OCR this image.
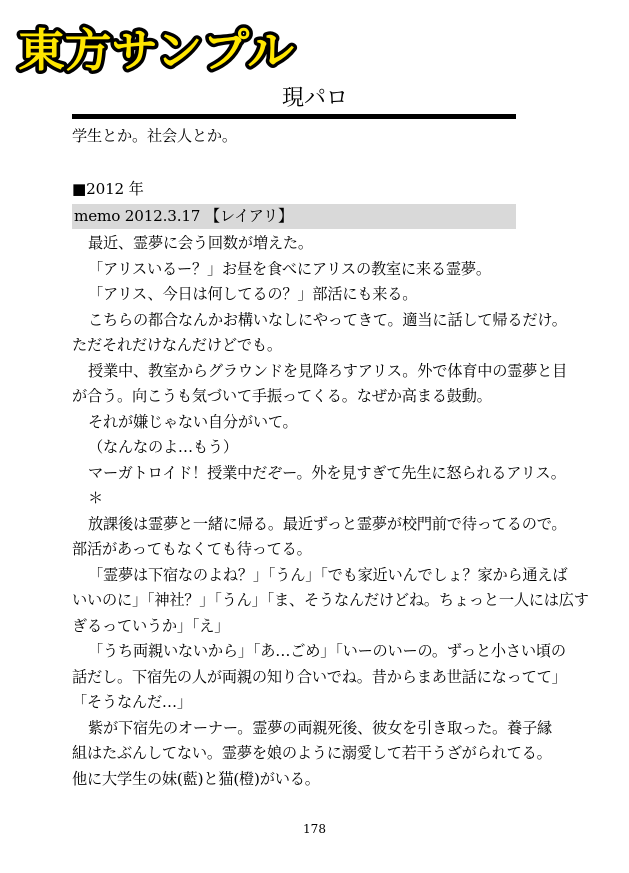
東方サンプル
現パロ
学生とか。社会人とか。
■2012 年
memo 2012.3.17 【レイアリ】
最近、霊夢に会う回数が増えた。
「アリスいるー？」お昼を食べにアリスの教室に来る霊夢。
「アリス、今日は何してるの？」部活にも来る。
こちらの都合なんかお構いなしにやってきて。適当に話して帰るだけ。
ただそれだけなんだけどでも。
授業中、教室からグラウンドを見降ろすアリス。外で体育中の霊夢と目
が合う。向こうも気づいて手振ってくる。なぜか高まる鼓動。
それが嫌じゃない自分がいて。
（なんなのよ…もう）
マーガトロイド！授業中だぞー。外を見すぎて先生に怒られるアリス。
＊
放課後は霊夢と一緒に帰る。最近ずっと霊夢が校門前で待ってるので。
部活があってもなくても待ってる。
「霊夢は下宿なのよね？」「うん」「でも家近いんでしょ？家から通えば
いいのに」「神社？」「うん」「ま、そうなんだけどね。ちょっと一人には広す
ぎるっていうか」「え」
「うち両親いないから」「あ…ごめ」「いーのいーの。ずっと小さい頃の
話だし。下宿先の人が両親の知り合いでね。昔からまあ世話になってて」
「そうなんだ…」
紫が下宿先のオーナー。霊夢の両親死後、彼女を引き取った。養子縁
組はたぶんしてない。霊夢を娘のように溺愛して若干うざがられてる。
他に大学生の妹(藍)と猫(橙)がいる。
178
